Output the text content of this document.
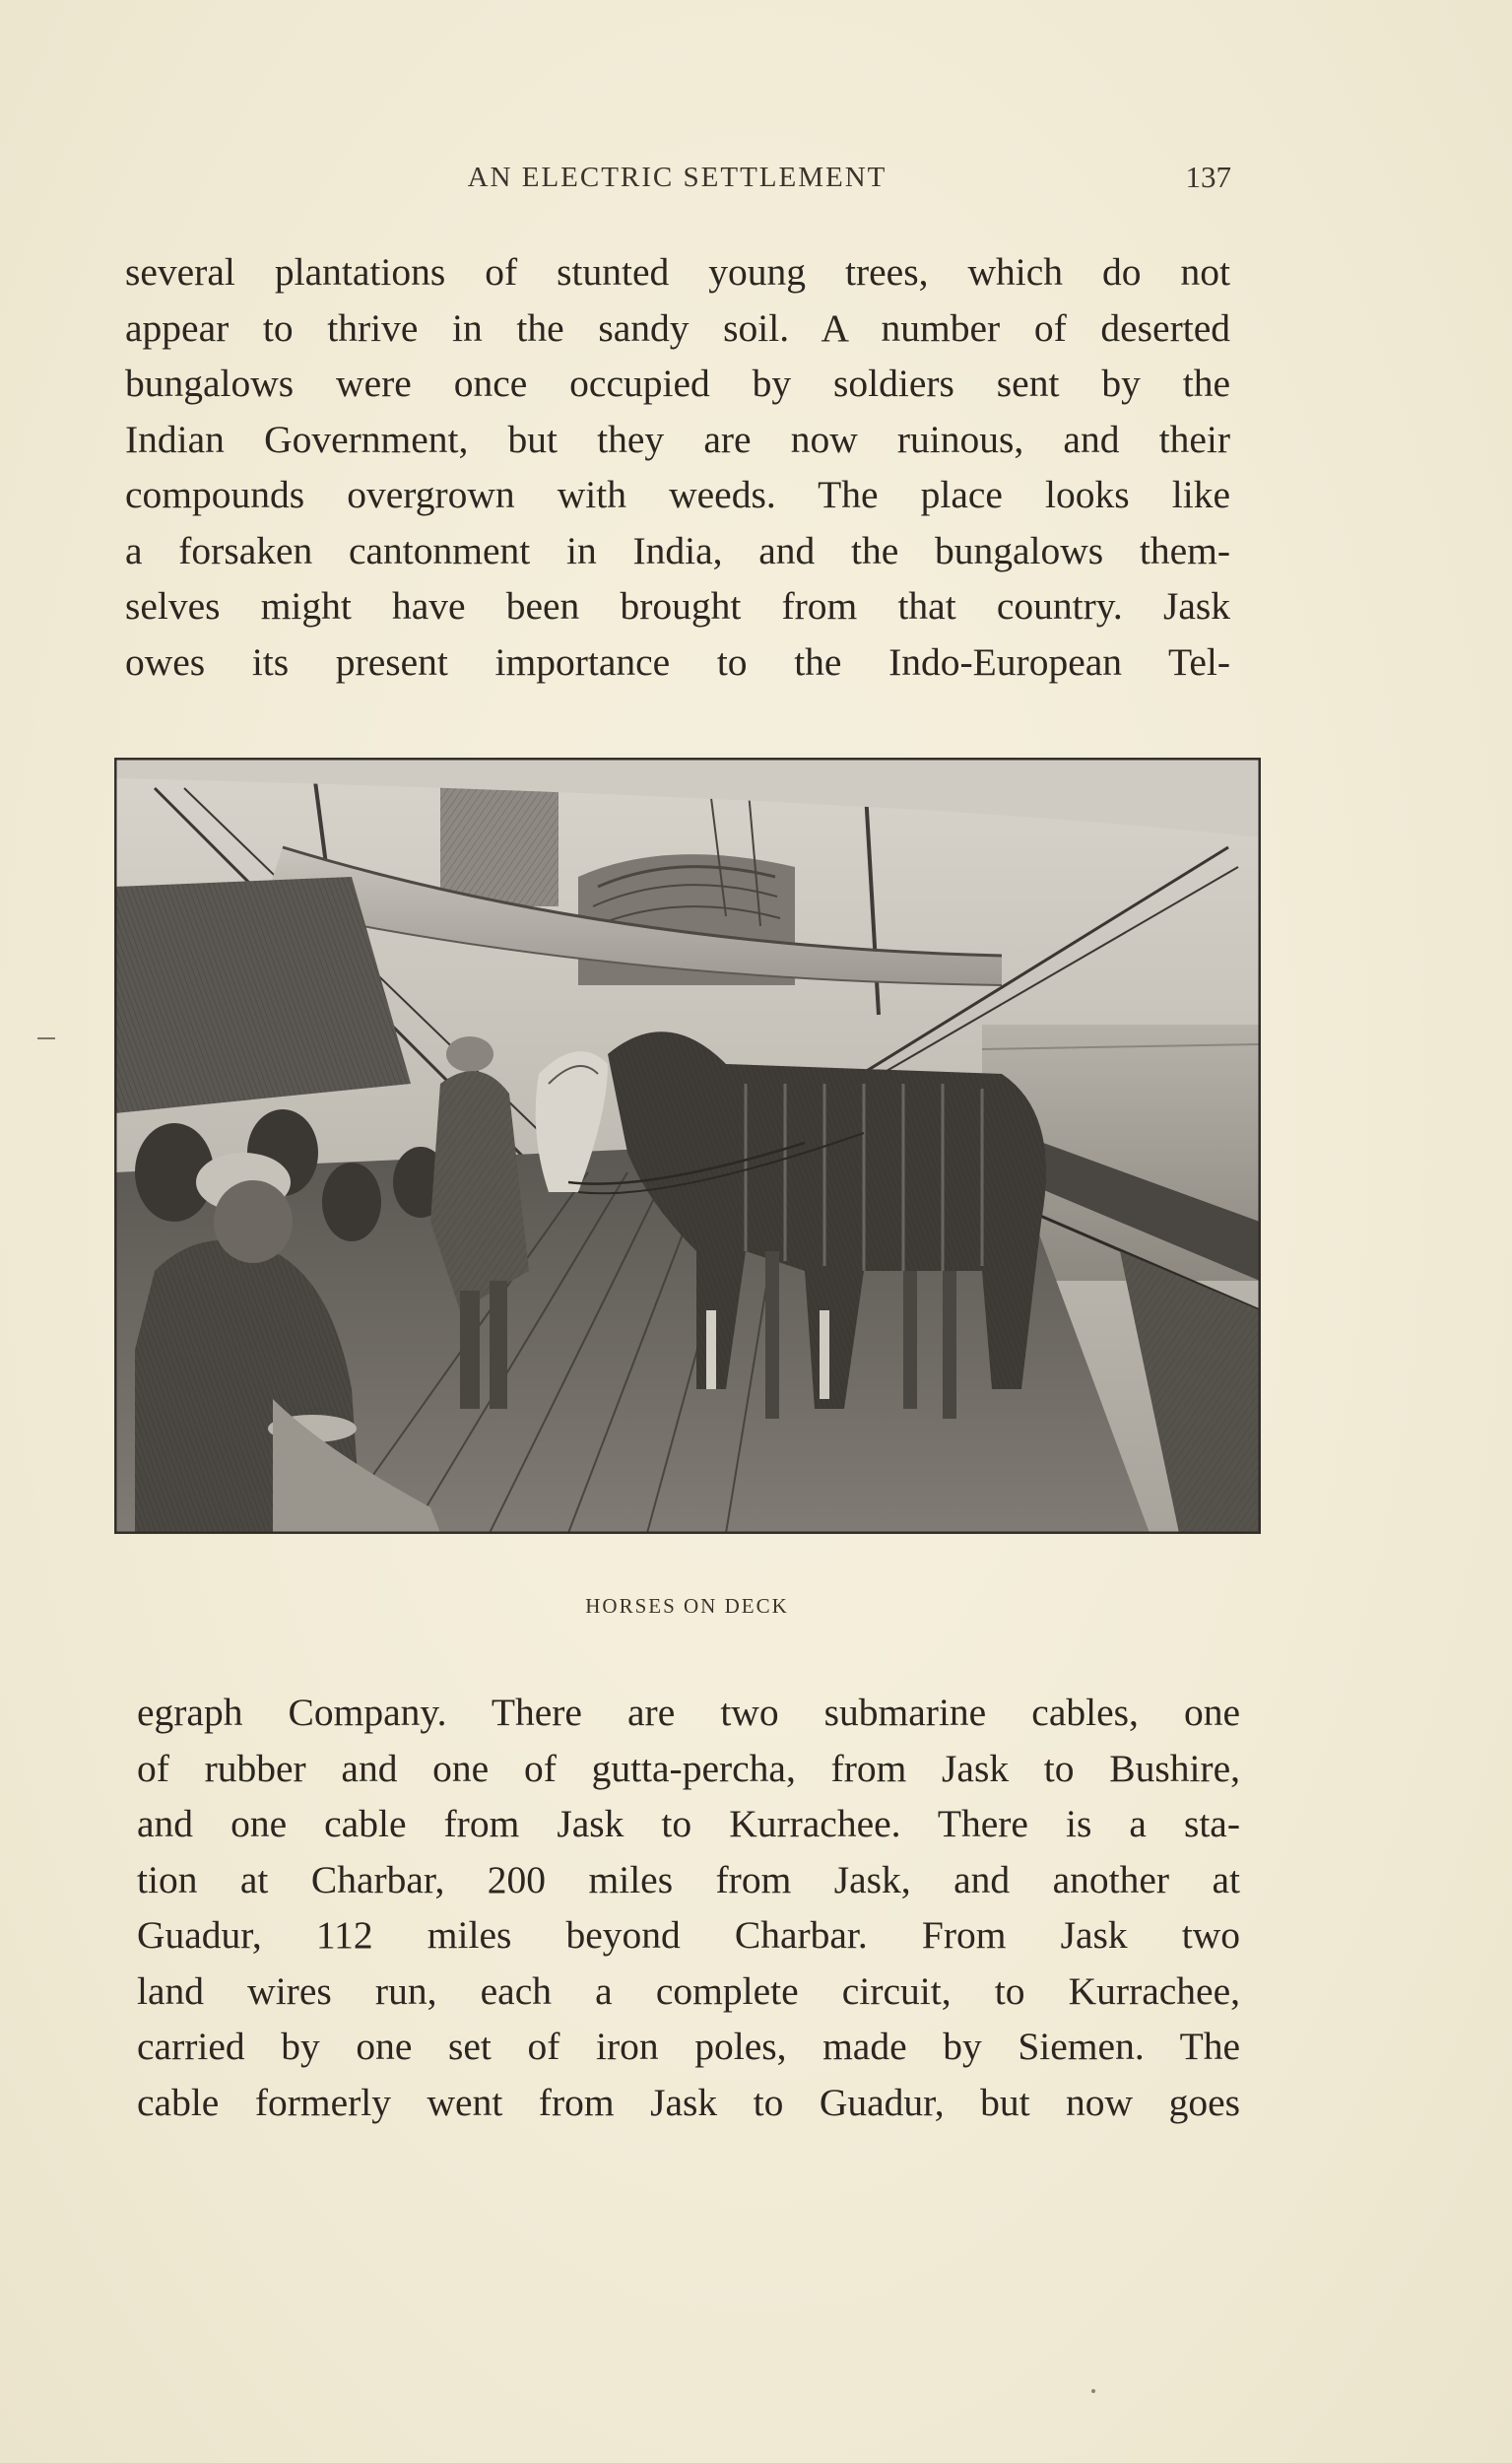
AN ELECTRIC SETTLEMENT	137

several plantations of stunted young trees, which do not

appear to thrive in the sandy soil. A number of deserted

bungalows were once occupied by soldiers sent by the

Indian Government, but they are now ruinous, and their

compounds overgrown with weeds. The place looks like

a forsaken cantonment in India, and the bungalows them-

selves might have been brought from that country. Jask

owes its present importance to the Indo-European Tel-

HORSES ON DECK

egraph Company. There are two submarine cables, one

of rubber and one of gutta-percha, from Jask to Bushire,

and one cable from Jask to Kurrachee. There is a sta-

tion at Charbar, 200 miles from Jask, and another at

Guadur, 112 miles beyond Charbar. From Jask two

land wires run, each a complete circuit, to Kurrachee,

carried by one set of iron poles, made by Siemen. The

cable formerly went from Jask to Guadur, but now goes
